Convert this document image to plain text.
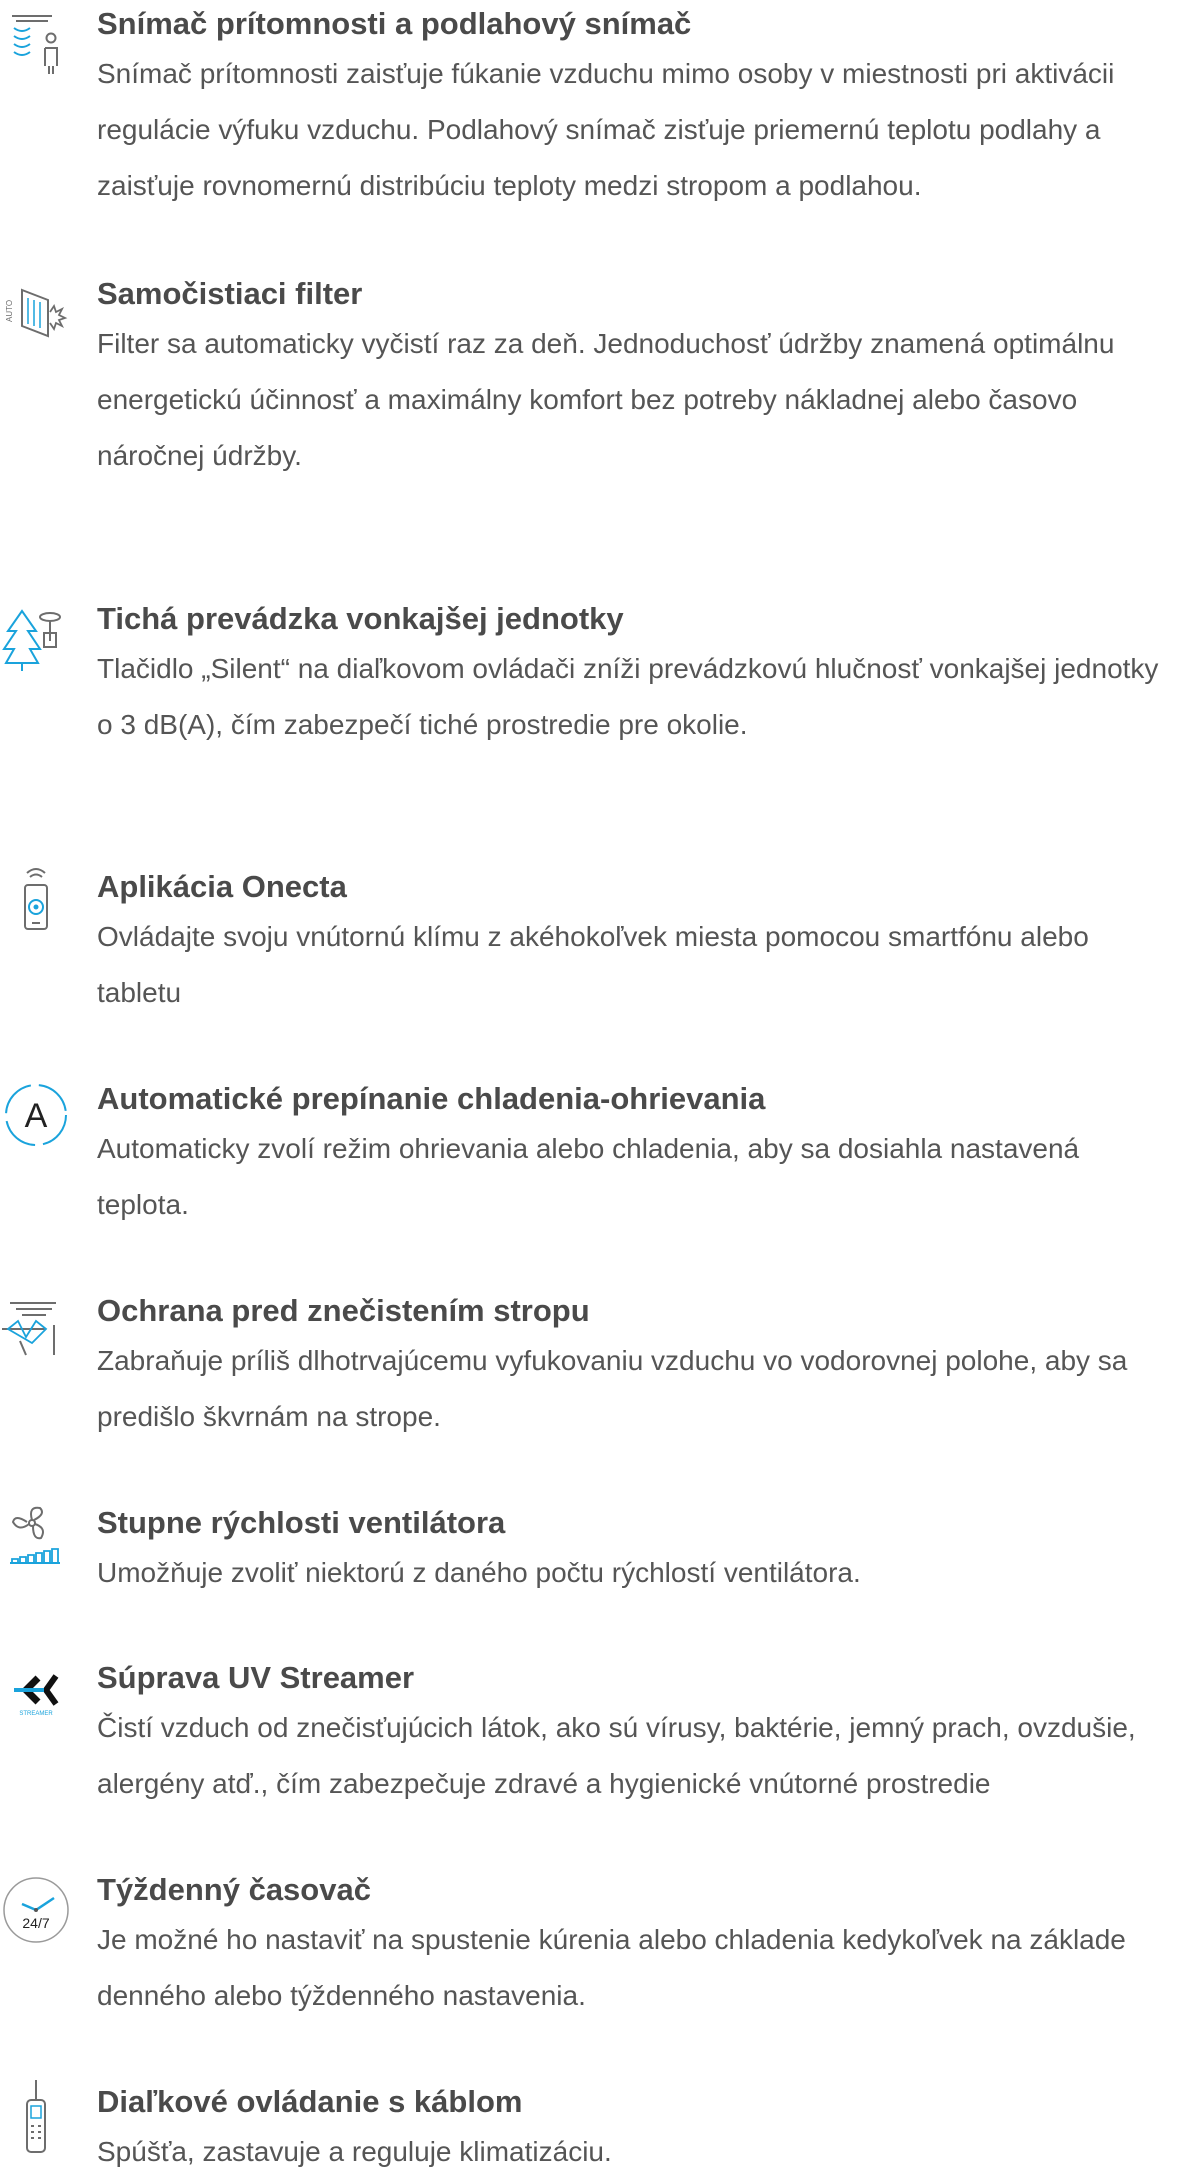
Snímač prítomnosti a podlahový snímač

Snímač prítomnosti zaisťuje fúkanie vzduchu mimo osoby v miestnosti pri aktivácii regulácie výfuku vzduchu. Podlahový snímač zisťuje priemernú teplotu podlahy a zaisťuje rovnomernú distribúciu teploty medzi stropom a podlahou.

AUTO	Samočistiaci filter

Filter sa automaticky vyčistí raz za deň. Jednoduchosť údržby znamená optimálnu energetickú účinnosť a maximálny komfort bez potreby nákladnej alebo časovo náročnej údržby.

Tichá prevádzka vonkajšej jednotky

Tlačidlo „Silent“ na diaľkovom ovládači zníži prevádzkovú hlučnosť vonkajšej jednotky o 3 dB(A), čím zabezpečí tiché prostredie pre okolie.

Aplikácia Onecta

Ovládajte svoju vnútornú klímu z akéhokoľvek miesta pomocou smartfónu alebo tabletu

A Automatické prepínanie chladenia-ohrievania

Automaticky zvolí režim ohrievania alebo chladenia, aby sa dosiahla nastavená teplota.

Ochrana pred znečistením stropu

Zabraňuje príliš dlhotrvajúcemu vyfukovaniu vzduchu vo vodorovnej polohe, aby sa predišlo škvrnám na strope.

Stupne rýchlosti ventilátora

Umožňuje zvoliť niektorú z daného počtu rýchlostí ventilátora.

STREAMER
Súprava UV Streamer

Čistí vzduch od znečisťujúcich látok, ako sú vírusy, baktérie, jemný prach, ovzdušie, alergény atď., čím zabezpečuje zdravé a hygienické vnútorné prostredie

24/7
Týždenný časovač

Je možné ho nastaviť na spustenie kúrenia alebo chladenia kedykoľvek na základe denného alebo týždenného nastavenia.

Diaľkové ovládanie s káblom

Spúšťa, zastavuje a reguluje klimatizáciu.
